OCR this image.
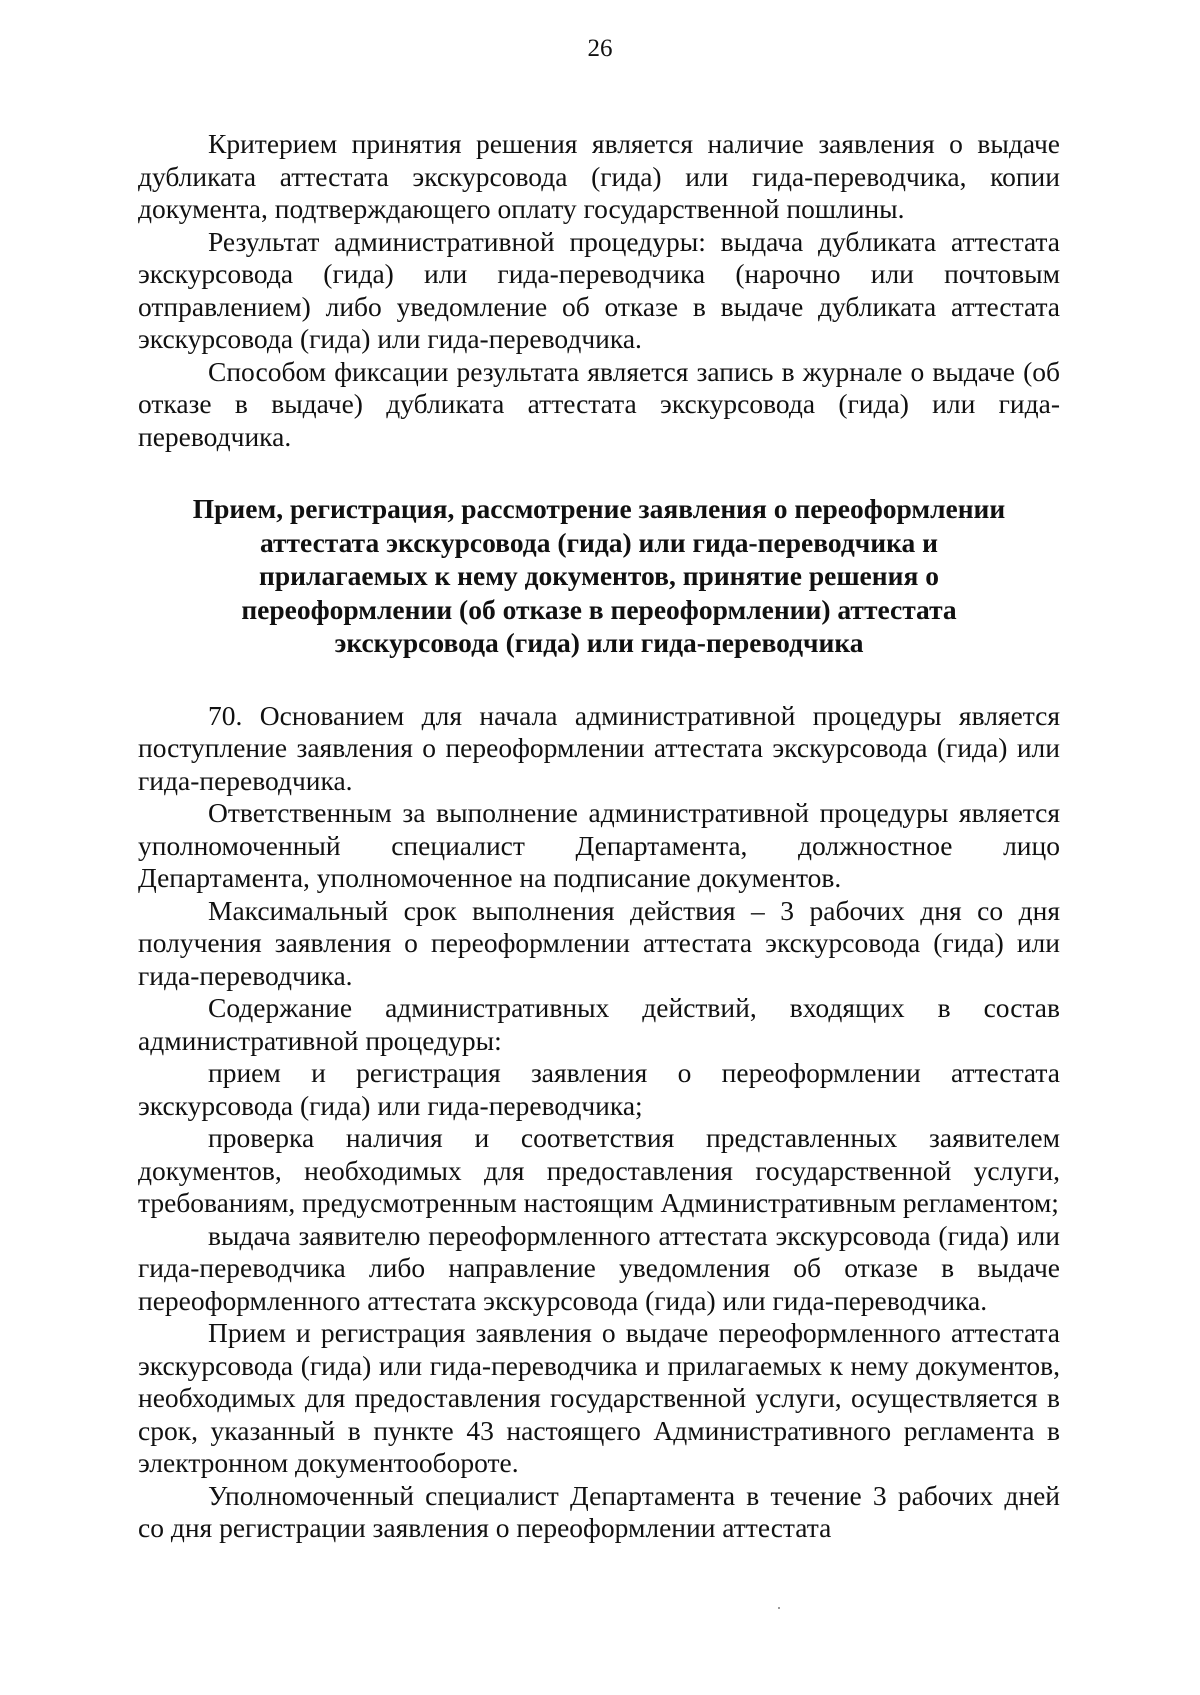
26

Критерием принятия решения является наличие заявления о выдаче дубликата аттестата экскурсовода (гида) или гида-переводчика, копии документа, подтверждающего оплату государственной пошлины.

Результат административной процедуры: выдача дубликата аттестата экскурсовода (гида) или гида-переводчика (нарочно или почтовым отправлением) либо уведомление об отказе в выдаче дубликата аттестата экскурсовода (гида) или гида-переводчика.

Способом фиксации результата является запись в журнале о выдаче (об отказе в выдаче) дубликата аттестата экскурсовода (гида) или гида-переводчика.

Прием, регистрация, рассмотрение заявления о переоформлении аттестата экскурсовода (гида) или гида-переводчика и прилагаемых к нему документов, принятие решения о переоформлении (об отказе в переоформлении) аттестата экскурсовода (гида) или гида-переводчика

70. Основанием для начала административной процедуры является поступление заявления о переоформлении аттестата экскурсовода (гида) или гида-переводчика.

Ответственным за выполнение административной процедуры является уполномоченный специалист Департамента, должностное лицо Департамента, уполномоченное на подписание документов.

Максимальный срок выполнения действия – 3 рабочих дня со дня получения заявления о переоформлении аттестата экскурсовода (гида) или гида-переводчика.

Содержание административных действий, входящих в состав административной процедуры:

прием и регистрация заявления о переоформлении аттестата экскурсовода (гида) или гида-переводчика;

проверка наличия и соответствия представленных заявителем документов, необходимых для предоставления государственной услуги, требованиям, предусмотренным настоящим Административным регламентом;

выдача заявителю переоформленного аттестата экскурсовода (гида) или гида-переводчика либо направление уведомления об отказе в выдаче переоформленного аттестата экскурсовода (гида) или гида-переводчика.

Прием и регистрация заявления о выдаче переоформленного аттестата экскурсовода (гида) или гида-переводчика и прилагаемых к нему документов, необходимых для предоставления государственной услуги, осуществляется в срок, указанный в пункте 43 настоящего Административного регламента в электронном документообороте.

Уполномоченный специалист Департамента в течение 3 рабочих дней со дня регистрации заявления о переоформлении аттестата
